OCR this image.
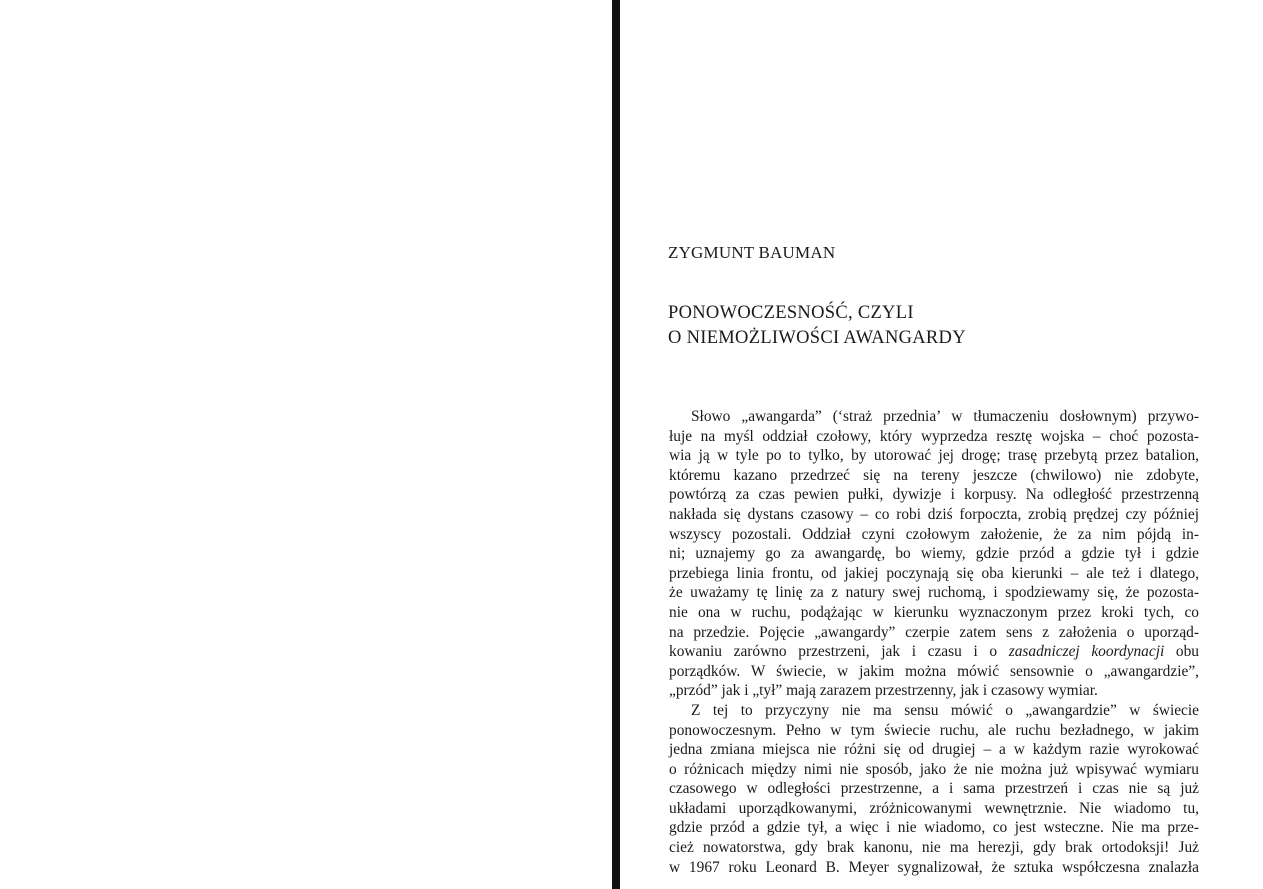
ZYGMUNT BAUMAN
PONOWOCZESNOŚĆ, CZYLI
O NIEMOŻLIWOŚCI AWANGARDY
Słowo „awangarda” (‘straż przednia’ w tłumaczeniu dosłownym) przywo-
łuje na myśl oddział czołowy, który wyprzedza resztę wojska – choć pozosta-
wia ją w tyle po to tylko, by utorować jej drogę; trasę przebytą przez batalion,
któremu kazano przedrzeć się na tereny jeszcze (chwilowo) nie zdobyte,
powtórzą za czas pewien pułki, dywizje i korpusy. Na odległość przestrzenną
nakłada się dystans czasowy – co robi dziś forpoczta, zrobią prędzej czy później
wszyscy pozostali. Oddział czyni czołowym założenie, że za nim pójdą in-
ni; uznajemy go za awangardę, bo wiemy, gdzie przód a gdzie tył i gdzie
przebiega linia frontu, od jakiej poczynają się oba kierunki – ale też i dlatego,
że uważamy tę linię za z natury swej ruchomą, i spodziewamy się, że pozosta-
nie ona w ruchu, podążając w kierunku wyznaczonym przez kroki tych, co
na przedzie. Pojęcie „awangardy” czerpie zatem sens z założenia o uporząd-
kowaniu zarówno przestrzeni, jak i czasu i o zasadniczej koordynacji obu
porządków. W świecie, w jakim można mówić sensownie o „awangardzie”,
„przód” jak i „tył” mają zarazem przestrzenny, jak i czasowy wymiar.
Z tej to przyczyny nie ma sensu mówić o „awangardzie” w świecie
ponowoczesnym. Pełno w tym świecie ruchu, ale ruchu bezładnego, w jakim
jedna zmiana miejsca nie różni się od drugiej – a w każdym razie wyrokować
o różnicach między nimi nie sposób, jako że nie można już wpisywać wymiaru
czasowego w odległości przestrzenne, a i sama przestrzeń i czas nie są już
układami uporządkowanymi, zróżnicowanymi wewnętrznie. Nie wiadomo tu,
gdzie przód a gdzie tył, a więc i nie wiadomo, co jest wsteczne. Nie ma prze-
cież nowatorstwa, gdy brak kanonu, nie ma herezji, gdy brak ortodoksji! Już
w 1967 roku Leonard B. Meyer sygnalizował, że sztuka współczesna znalazła
